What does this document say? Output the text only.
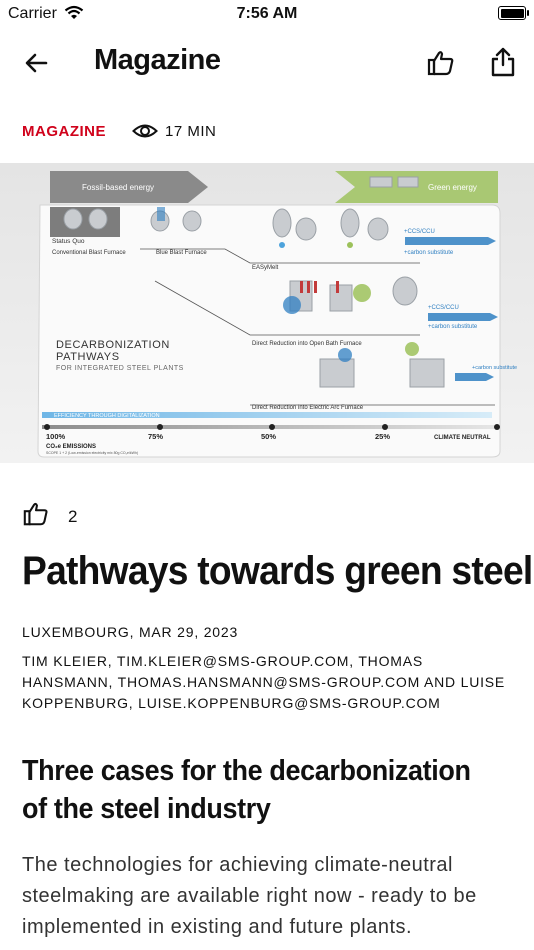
Carrier	7:56 AM
Magazine
MAGAZINE	17 MIN
Fossil-based energy	Green energy
Status Quo
Conventional Blast Furnace	Blue Blast Furnace
EASyMelt
Direct Reduction into Open Bath Furnace
Direct Reduction into Electric Arc Furnace
+CCS/CCU
+carbon substitute
+CCS/CCU
+carbon substitute
+carbon substitute
DECARBONIZATION
PATHWAYS
FOR INTEGRATED STEEL PLANTS
EFFICIENCY THROUGH DIGITALIZATION
100%	75%	50%	25%	CLIMATE NEUTRAL
CO₂e EMISSIONS
SCOPE 1 + 2 (Low-emission electricity mix 80g CO₂e/kWh)
2
Pathways towards green steel
LUXEMBOURG, MAR 29, 2023
TIM KLEIER, TIM.KLEIER@SMS-GROUP.COM, THOMAS HANSMANN, THOMAS.HANSMANN@SMS-GROUP.COM AND LUISE KOPPENBURG, LUISE.KOPPENBURG@SMS-GROUP.COM
Three cases for the decarbonization of the steel industry
The technologies for achieving climate-neutral steelmaking are available right now - ready to be implemented in existing and future plants.
